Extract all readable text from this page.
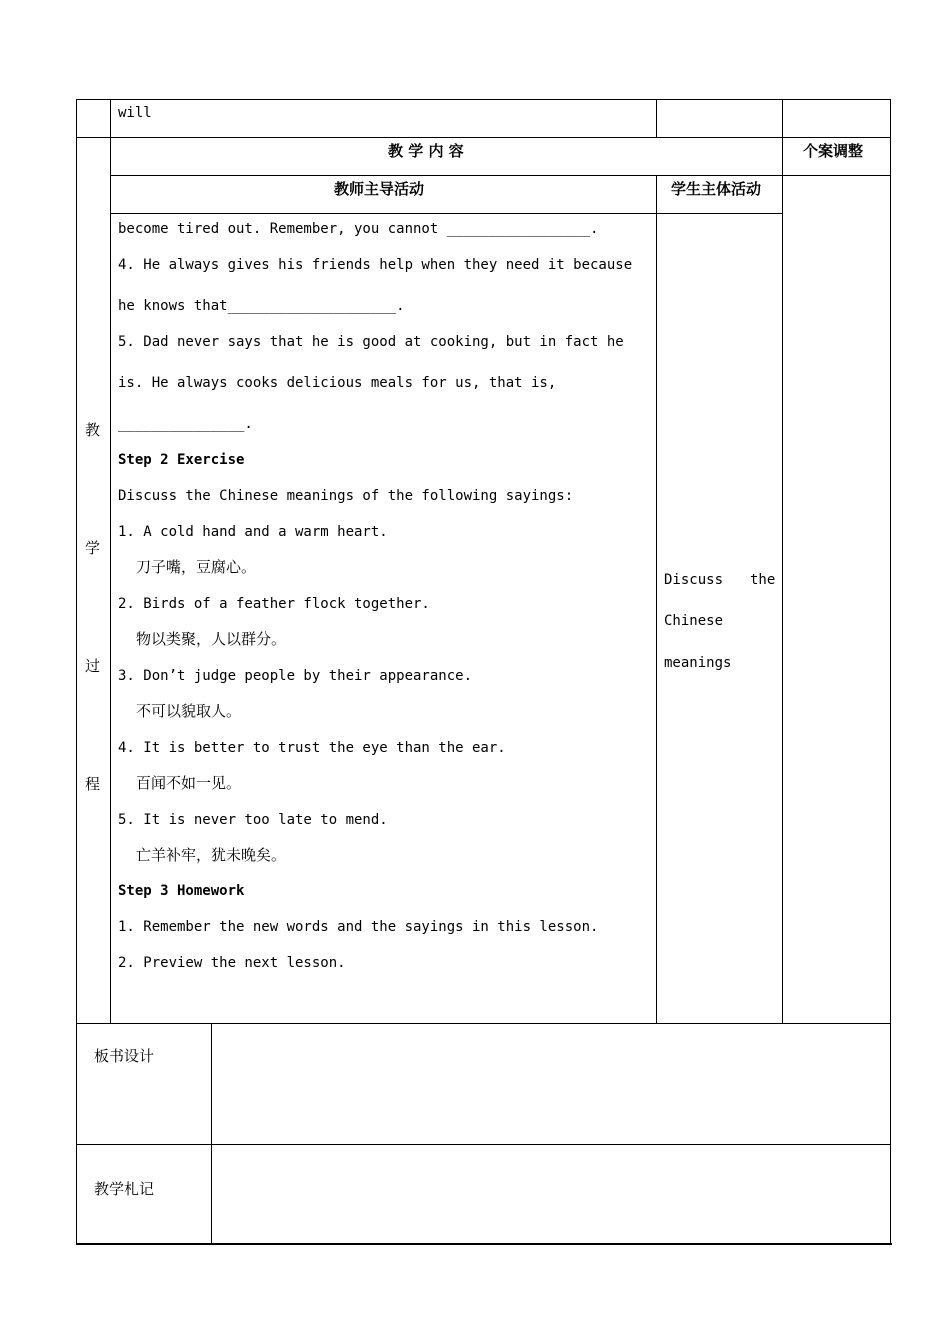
will
教 学 内 容	个案调整
教师主导活动	学生主体活动
教
学
过
程
become tired out. Remember, you cannot _________________.
4. He always gives his friends help when they need it because
he knows that____________________.
5. Dad never says that he is good at cooking, but in fact he
is. He always cooks delicious meals for us, that is,
_______________.
Step 2 Exercise
Discuss the Chinese meanings of the following sayings:
1. A cold hand and a warm heart.
刀子嘴，豆腐心。
2. Birds of a feather flock together.
物以类聚，人以群分。
3. Don’t judge people by their appearance.
不可以貌取人。
4. It is better to trust the eye than the ear.
百闻不如一见。
5. It is never too late to mend.
亡羊补牢，犹未晚矣。
Step 3 Homework
1. Remember the new words and the sayings in this lesson.
2. Preview the next lesson.
Discuss the
Chinese
meanings
板书设计
教学札记
